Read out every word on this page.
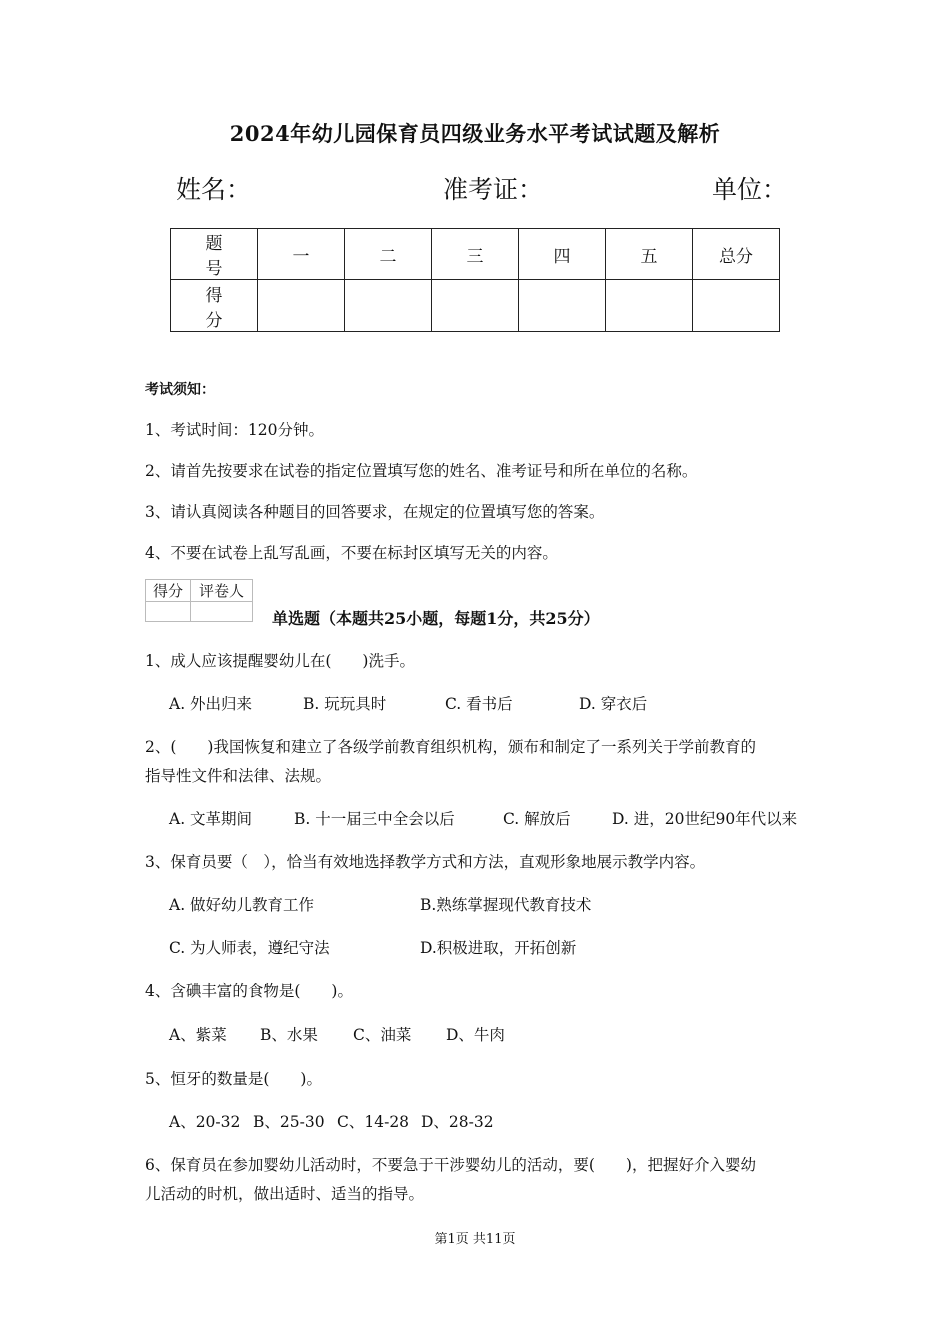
2024年幼儿园保育员四级业务水平考试试题及解析
姓名：	准考证：	单位：
题 号	一	二	三	四	五	总分
得 分						
考试须知：
1、考试时间：120分钟。
2、请首先按要求在试卷的指定位置填写您的姓名、准考证号和所在单位的名称。
3、请认真阅读各种题目的回答要求，在规定的位置填写您的答案。
4、不要在试卷上乱写乱画，不要在标封区填写无关的内容。
得分	评卷人

单选题（本题共25小题，每题1分，共25分）
1、成人应该提醒婴幼儿在(　　)洗手。
A. 外出归来	B. 玩玩具时	C. 看书后	D. 穿衣后
2、(　　)我国恢复和建立了各级学前教育组织机构，颁布和制定了一系列关于学前教育的
指导性文件和法律、法规。
A. 文革期间	B. 十一届三中全会以后	C. 解放后	D. 进，20世纪90年代以来
3、保育员要（　），恰当有效地选择教学方式和方法，直观形象地展示教学内容。
A. 做好幼儿教育工作	B.熟练掌握现代教育技术
C. 为人师表，遵纪守法	D.积极进取，开拓创新
4、含碘丰富的食物是(　　)。
A、紫菜 B、水果 C、油菜 D、牛肉
5、恒牙的数量是(　　)。
A、20-32 B、25-30 C、14-28 D、28-32
6、保育员在参加婴幼儿活动时，不要急于干涉婴幼儿的活动，要(　　)，把握好介入婴幼
儿活动的时机，做出适时、适当的指导。
第1页 共11页
